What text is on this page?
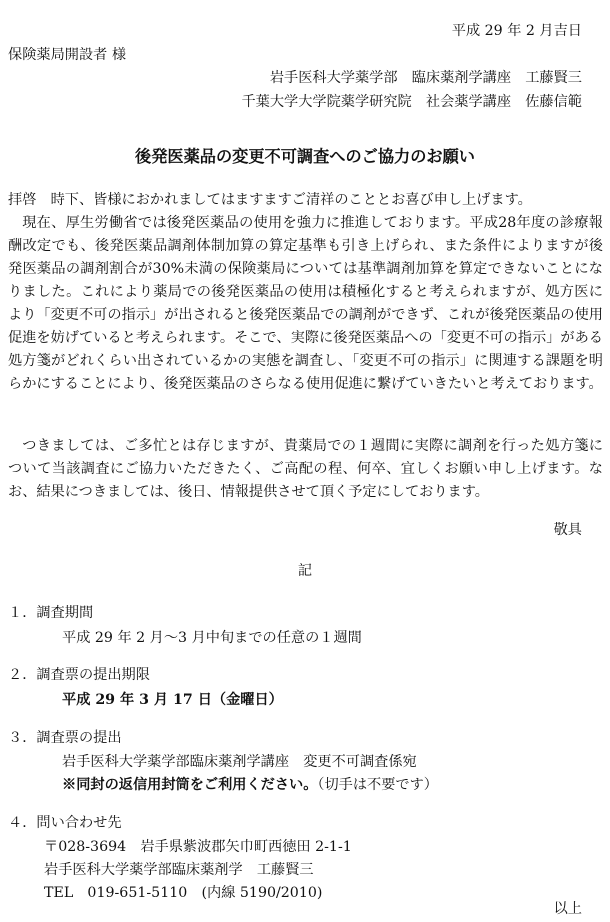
平成 29 年 2 月吉日
保険薬局開設者 様
岩手医科大学薬学部　臨床薬剤学講座　工藤賢三
千葉大学大学院薬学研究院　社会薬学講座　佐藤信範
後発医薬品の変更不可調査へのご協力のお願い
拝啓　時下、皆様におかれましてはますますご清祥のこととお喜び申し上げます。
現在、厚生労働省では後発医薬品の使用を強力に推進しております。平成28年度の診療報酬改定でも、後発医薬品調剤体制加算の算定基準も引き上げられ、また条件によりますが後発医薬品の調剤割合が30%未満の保険薬局については基準調剤加算を算定できないことになりました。これにより薬局での後発医薬品の使用は積極化すると考えられますが、処方医により「変更不可の指示」が出されると後発医薬品での調剤ができず、これが後発医薬品の使用促進を妨げていると考えられます。そこで、実際に後発医薬品への「変更不可の指示」がある処方箋がどれくらい出されているかの実態を調査し、「変更不可の指示」に関連する課題を明らかにすることにより、後発医薬品のさらなる使用促進に繋げていきたいと考えております。
つきましては、ご多忙とは存じますが、貴薬局での１週間に実際に調剤を行った処方箋について当該調査にご協力いただきたく、ご高配の程、何卒、宜しくお願い申し上げます。なお、結果につきましては、後日、情報提供させて頂く予定にしております。
敬具
記
１．調査期間
平成 29 年 2 月～3 月中旬までの任意の１週間
２．調査票の提出期限
平成 29 年 3 月 17 日（金曜日）
３．調査票の提出
岩手医科大学薬学部臨床薬剤学講座　変更不可調査係宛
※同封の返信用封筒をご利用ください。（切手は不要です）
４．問い合わせ先
〒028-3694　岩手県紫波郡矢巾町西徳田 2-1-1
岩手医科大学薬学部臨床薬剤学　工藤賢三
TEL　019-651-5110　(内線 5190/2010)
以上
